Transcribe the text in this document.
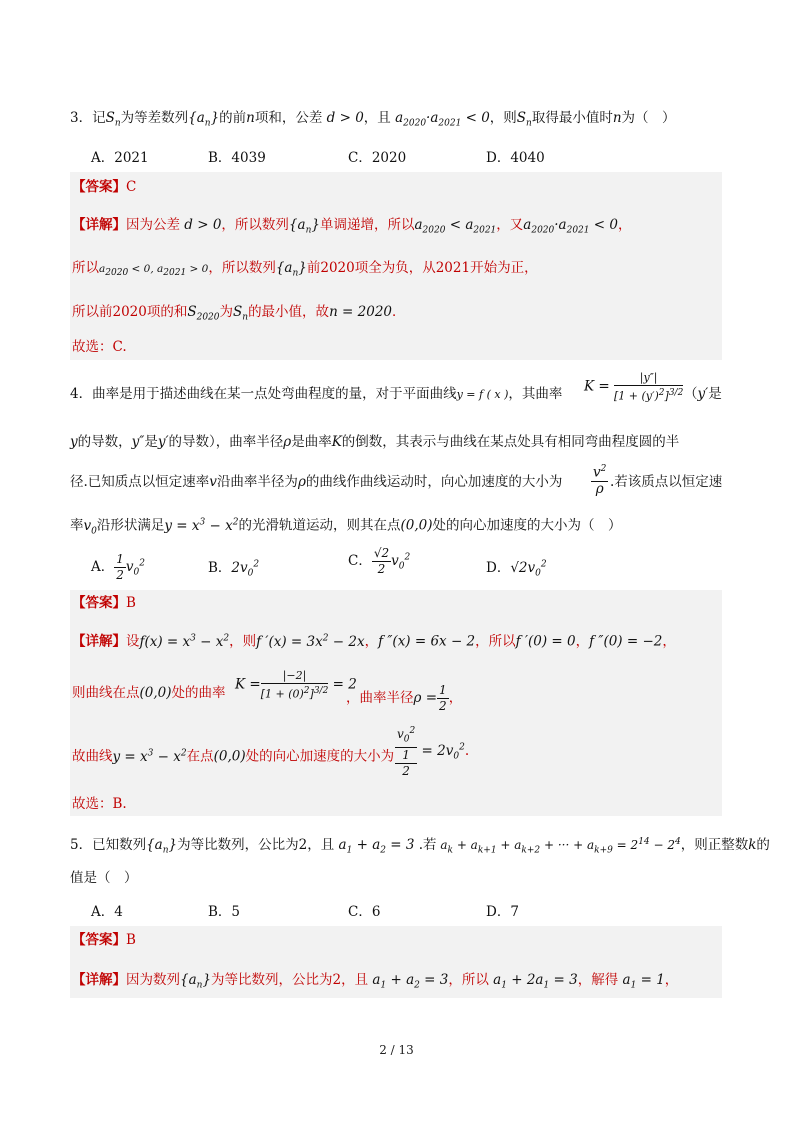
3．记$S_n$为等差数列$\{a_n\}$的前n项和，公差 d > 0，且 $a_{2020}\cdot a_{2021} < 0$，则$S_n$取得最小值时n为（　）
A．2021	B．4039	C．2020	D．4040
【答案】C
【详解】因为公差 d > 0，所以数列$\{a_n\}$单调递增，所以$a_{2020} < a_{2021}$，又$a_{2020}\cdot a_{2021} < 0$，
所以$a_{2020} < 0$, $a_{2021} > 0$，所以数列$\{a_n\}$前2020项全为负，从2021开始为正，
所以前2020项的和$S_{2020}$为$S_n$的最小值，故n = 2020．
故选：C.
4．曲率是用于描述曲线在某一点处弯曲程度的量，对于平面曲线y = f ( x )，其曲率 $K = \frac{|y''|}{[1 + (y')^2]^{3/2}} (y'$是
y的导数，y″是y′的导数），曲率半径ρ是曲率K的倒数，其表示与曲线在某点处具有相同弯曲程度圆的半
径.已知质点以恒定速率v沿曲率半径为ρ的曲线作曲线运动时，向心加速度的大小为 $\frac{v^2}{\rho}$ .若该质点以恒定速
率$v_0$沿形状满足$y = x^3 - x^2$的光滑轨道运动，则其在点(0,0)处的向心加速度的大小为（　）
A． $\frac{1}{2} v_0^2$	B．$2v_0^2$	C． $\frac{√2}{2} v_0^2$
D．$√2v_0^2$
【答案】B
【详解】设$f(x) = x^3 - x^2$，则f $'(x) = 3x^2 - 2x$，f ″(x) = 6x − 2，所以f ′(0) = 0，f ″(0) = −2，
则曲线在点(0,0)处的曲率
$K = \frac{|-2|}{[1 + (0)^2]^{3/2}} = 2$
，曲率半径$\rho = \frac{1}{2}$ ，
故曲线$y = x^3 - x^2$在点(0,0)处的向心加速度的大小为 $v_0^2$
1
$2 = 2v_0^2$.
故选：B.
5．已知数列$\{a_n\}$为等比数列，公比为2，且 $a_1 + a_2 = 3$ .若 $a_k + a_{k+1} + a_{k+2}$ + ··· + $a_{k+9} = 2^{14} - 2^4$，则正整数k的
值是（　）
A．4	B．5	C．6	D．7
【答案】B
【详解】因为数列$\{a_n\}$为等比数列，公比为2，且 $a_1 + a_2 = 3$，所以 $a_1 + 2a_1 = 3$，解得 $a_1 = 1$，
2 / 13
